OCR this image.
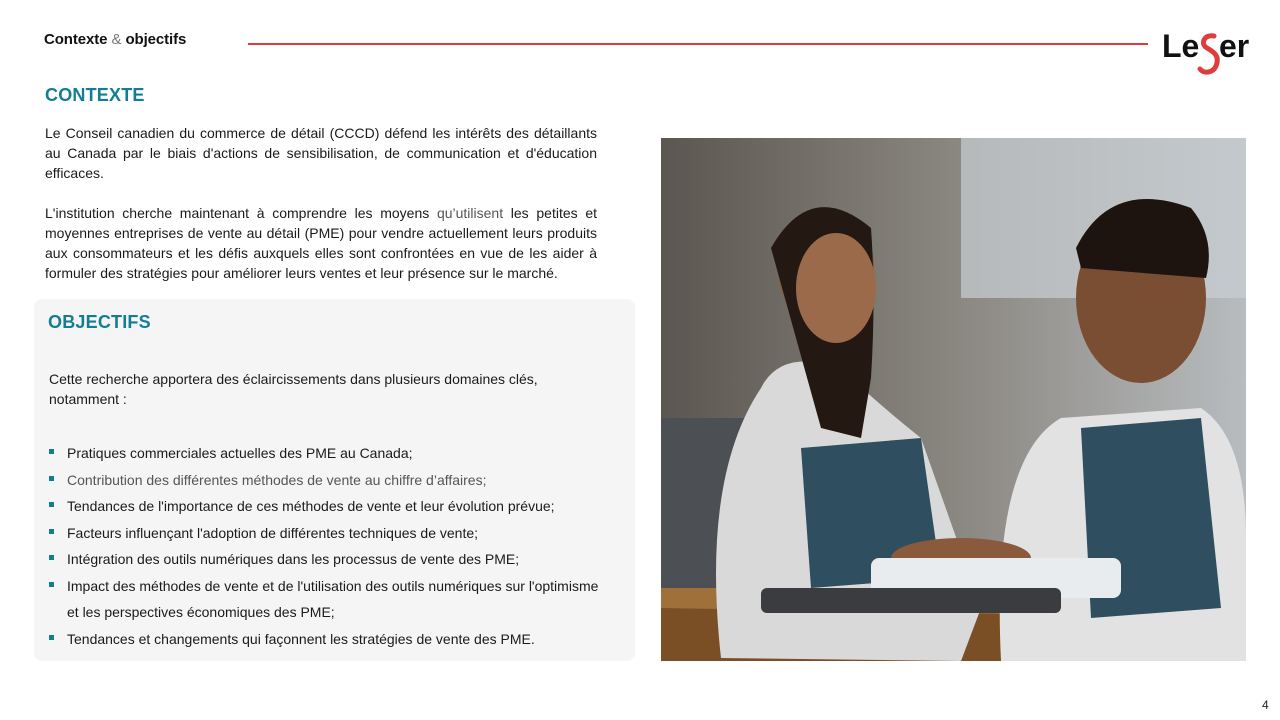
Contexte & objectifs	Le er
CONTEXTE
Le Conseil canadien du commerce de détail (CCCD) défend les intérêts des détaillants au Canada par le biais d'actions de sensibilisation, de communication et d'éducation efficaces.
L'institution cherche maintenant à comprendre les moyens qu’utilisent les petites et moyennes entreprises de vente au détail (PME) pour vendre actuellement leurs produits aux consommateurs et les défis auxquels elles sont confrontées en vue de les aider à formuler des stratégies pour améliorer leurs ventes et leur présence sur le marché.
OBJECTIFS
Cette recherche apportera des éclaircissements dans plusieurs domaines clés, notamment :
Pratiques commerciales actuelles des PME au Canada;
Contribution des différentes méthodes de vente au chiffre d’affaires;
Tendances de l'importance de ces méthodes de vente et leur évolution prévue;
Facteurs influençant l'adoption de différentes techniques de vente;
Intégration des outils numériques dans les processus de vente des PME;
Impact des méthodes de vente et de l'utilisation des outils numériques sur l'optimisme et les perspectives économiques des PME;
Tendances et changements qui façonnent les stratégies de vente des PME.
4
